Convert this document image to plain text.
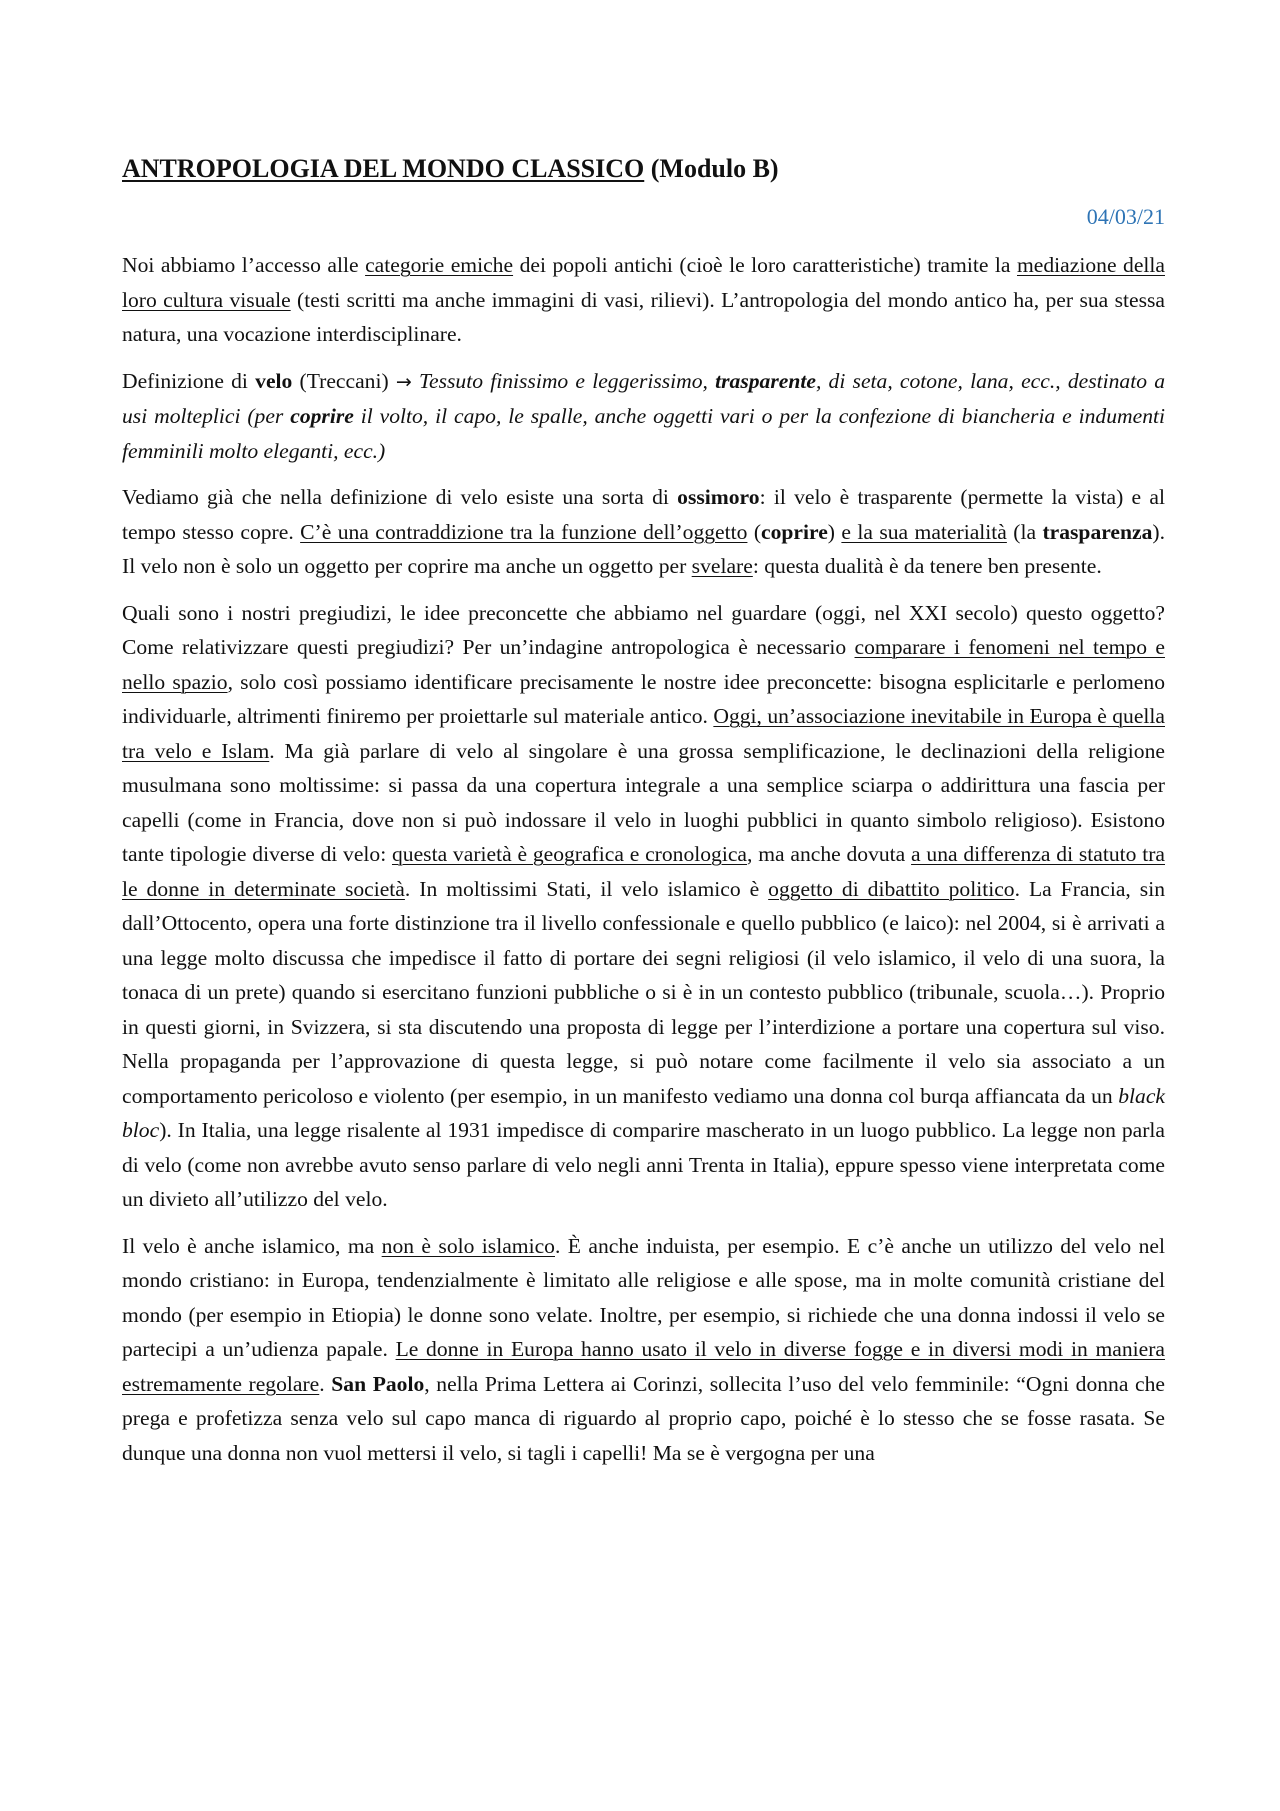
ANTROPOLOGIA DEL MONDO CLASSICO (Modulo B)
04/03/21

Noi abbiamo l’accesso alle categorie emiche dei popoli antichi (cioè le loro caratteristiche) tramite la mediazione della loro cultura visuale (testi scritti ma anche immagini di vasi, rilievi). L’antropologia del mondo antico ha, per sua stessa natura, una vocazione interdisciplinare.

Definizione di velo (Treccani) → Tessuto finissimo e leggerissimo, trasparente, di seta, cotone, lana, ecc., destinato a usi molteplici (per coprire il volto, il capo, le spalle, anche oggetti vari o per la confezione di biancheria e indumenti femminili molto eleganti, ecc.)

Vediamo già che nella definizione di velo esiste una sorta di ossimoro: il velo è trasparente (permette la vista) e al tempo stesso copre. C’è una contraddizione tra la funzione dell’oggetto (coprire) e la sua materialità (la trasparenza). Il velo non è solo un oggetto per coprire ma anche un oggetto per svelare: questa dualità è da tenere ben presente.

Quali sono i nostri pregiudizi, le idee preconcette che abbiamo nel guardare (oggi, nel XXI secolo) questo oggetto? Come relativizzare questi pregiudizi? Per un’indagine antropologica è necessario comparare i fenomeni nel tempo e nello spazio, solo così possiamo identificare precisamente le nostre idee preconcette: bisogna esplicitarle e perlomeno individuarle, altrimenti finiremo per proiettarle sul materiale antico. Oggi, un’associazione inevitabile in Europa è quella tra velo e Islam. Ma già parlare di velo al singolare è una grossa semplificazione, le declinazioni della religione musulmana sono moltissime: si passa da una copertura integrale a una semplice sciarpa o addirittura una fascia per capelli (come in Francia, dove non si può indossare il velo in luoghi pubblici in quanto simbolo religioso). Esistono tante tipologie diverse di velo: questa varietà è geografica e cronologica, ma anche dovuta a una differenza di statuto tra le donne in determinate società. In moltissimi Stati, il velo islamico è oggetto di dibattito politico. La Francia, sin dall’Ottocento, opera una forte distinzione tra il livello confessionale e quello pubblico (e laico): nel 2004, si è arrivati a una legge molto discussa che impedisce il fatto di portare dei segni religiosi (il velo islamico, il velo di una suora, la tonaca di un prete) quando si esercitano funzioni pubbliche o si è in un contesto pubblico (tribunale, scuola…). Proprio in questi giorni, in Svizzera, si sta discutendo una proposta di legge per l’interdizione a portare una copertura sul viso. Nella propaganda per l’approvazione di questa legge, si può notare come facilmente il velo sia associato a un comportamento pericoloso e violento (per esempio, in un manifesto vediamo una donna col burqa affiancata da un black bloc). In Italia, una legge risalente al 1931 impedisce di comparire mascherato in un luogo pubblico. La legge non parla di velo (come non avrebbe avuto senso parlare di velo negli anni Trenta in Italia), eppure spesso viene interpretata come un divieto all’utilizzo del velo.

Il velo è anche islamico, ma non è solo islamico. È anche induista, per esempio. E c’è anche un utilizzo del velo nel mondo cristiano: in Europa, tendenzialmente è limitato alle religiose e alle spose, ma in molte comunità cristiane del mondo (per esempio in Etiopia) le donne sono velate. Inoltre, per esempio, si richiede che una donna indossi il velo se partecipi a un’udienza papale. Le donne in Europa hanno usato il velo in diverse fogge e in diversi modi in maniera estremamente regolare. San Paolo, nella Prima Lettera ai Corinzi, sollecita l’uso del velo femminile: “Ogni donna che prega e profetizza senza velo sul capo manca di riguardo al proprio capo, poiché è lo stesso che se fosse rasata. Se dunque una donna non vuol mettersi il velo, si tagli i capelli! Ma se è vergogna per una
